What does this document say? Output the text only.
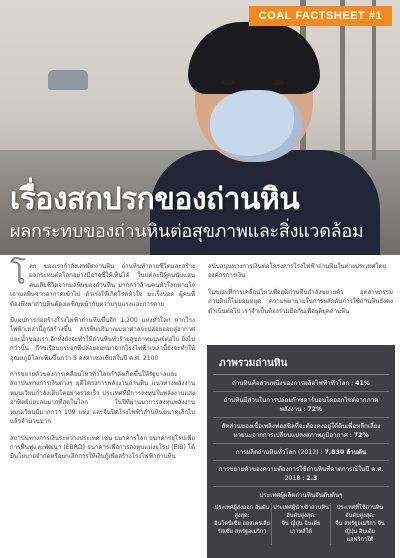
COAL FACTSHEET #1
เรื่องสกปรกของถ่านหิน
ผลกระทบของถ่านหินต่อสุขภาพและสิ่งแวดล้อม

โลก ของเรากำลังเสพติดถ่านหิน ถ่านหินทำลายชีวิตและสร้างผลกระทบต่อโลกอย่างมีอาจชี้ให้เห็นได้ ในแต่ละปีผู้คนนับแสนคนเสียชีวิตจากมลพิษของถ่านหิน มากกว่าล้านคนทั่วโลกหายใจเอามลพิษจากอากาศเข้าไป ตัวเร่งให้เกิดโรคหัวใจ มะเร็งปอด ผู้คนที่ต้องพึ่งพาถ่านหินต้องเผชิญหน้ากับความรุนแรงและการตาย

มีแผนการก่อสร้างโรงไฟฟ้าถ่านหินขึ้นอีก 1,200 แห่งทั่วโลก หากโรงไฟฟ้าเหล่านี้ถูกสร้างขึ้น สารพิษปริมาณมหาศาลจะปล่อยออกสู่อากาศและน้ำของเรา อีกทั้งยังจะทำให้ถ่านหินทำร้ายสุขภาพมนุษย์ต่อไป ยิ่งไปกว่านั้น ก๊าซเรือนกระจกที่ปล่อยออกมาจากโรงไฟฟ้าเหล่านี้ยังจะทำให้อุณหภูมิโลกเพิ่มขึ้นกว่า 5 องศาเซลเซียสในปี ค.ศ. 2100

การขยายตัวของการเคลื่อนไหวทั่วโลกกำลังเกิดขึ้นให้รัฐบาลและสถาบันทางการเงินต่างๆ ยุติโครงการพลังงานถ่านหิน แนวทางพลังงานหมุนเวียนกำลังเติบโตอย่างรวดเร็ว ประเทศที่มีการลงทุนในพลังงานแสงอาทิตย์และลมมากที่สุดในโลก ในปีที่ผ่านมาการลงทุนพลังงานหมุนเวียนมีมากกว่า 109 แห่ง และจีนปิดโรงไฟฟ้าถ่านหินขนาดเล็กไปแล้วจำนวนมาก

สถาบันทางการเงินระหว่างประเทศ เช่น ธนาคารโลก ธนาคารยุโรปเพื่อการฟื้นฟูและพัฒนา (EBRD) ธนาคารเพื่อการลงทุนแห่งยุโรป (EIB) ได้มีนโยบายจำกัดหรือยกเลิกการให้เงินกู้เพื่อสร้างโรงไฟฟ้าถ่านหิน

สนับสนุนทางการเงินต่อโครงการโรงไฟฟ้าถ่านหินในต่างประเทศโดยองค์กรการเงิน

ในขณะที่การเคลื่อนไหวเพื่อยุติถ่านหินกำลังขยายตัว อุตสาหกรรมถ่านหินก็ไม่ยอมหยุด ความพยายามในการผลักดันการใช้ถ่านหินยังคงดำเนินต่อไป เราจำเป็นต้องร่วมมือกันเพื่อยุติยุคถ่านหิน

ภาพรวมถ่านหิน
ถ่านหินคือส่วนหนึ่งของการผลิตไฟฟ้าทั่วโลก : 41%
ถ่านหินมีส่วนในการปล่อยก๊าซคาร์บอนไดออกไซด์จากภาคพลังงาน : 72%
สัดส่วนของเชื้อเพลิงฟอสซิลที่จะต้องคงอยู่ใต้ดินเพื่อหลีกเลี่ยงหายนะจากการเปลี่ยนแปลงสภาพภูมิอากาศ : 72%
การผลิตถ่านหินทั่วโลก (2012) : 7,830 ล้านตัน
การขยายตัวของความต้องการใช้ถ่านหินที่คาดการณ์ในปี ค.ศ. 2018 : 2.3
ประเทศผู้ผลิตถ่านหินอันดับต้นๆ
ประเทศผู้ส่งออก อันดับสูงสุด:
อินโดนีเซีย ออสเตรเลีย รัสเซีย สหรัฐอเมริกา
ประเทศผู้นำเข้าถ่านหินอันดับสูงสุด:
จีน ญี่ปุ่น อินเดีย เกาหลีใต้
ประเทศที่ใช้ถ่านหินอันดับสูงสุด:
จีน สหรัฐอเมริกา จีน ญี่ปุ่น อินเดีย แอฟริกาใต้
